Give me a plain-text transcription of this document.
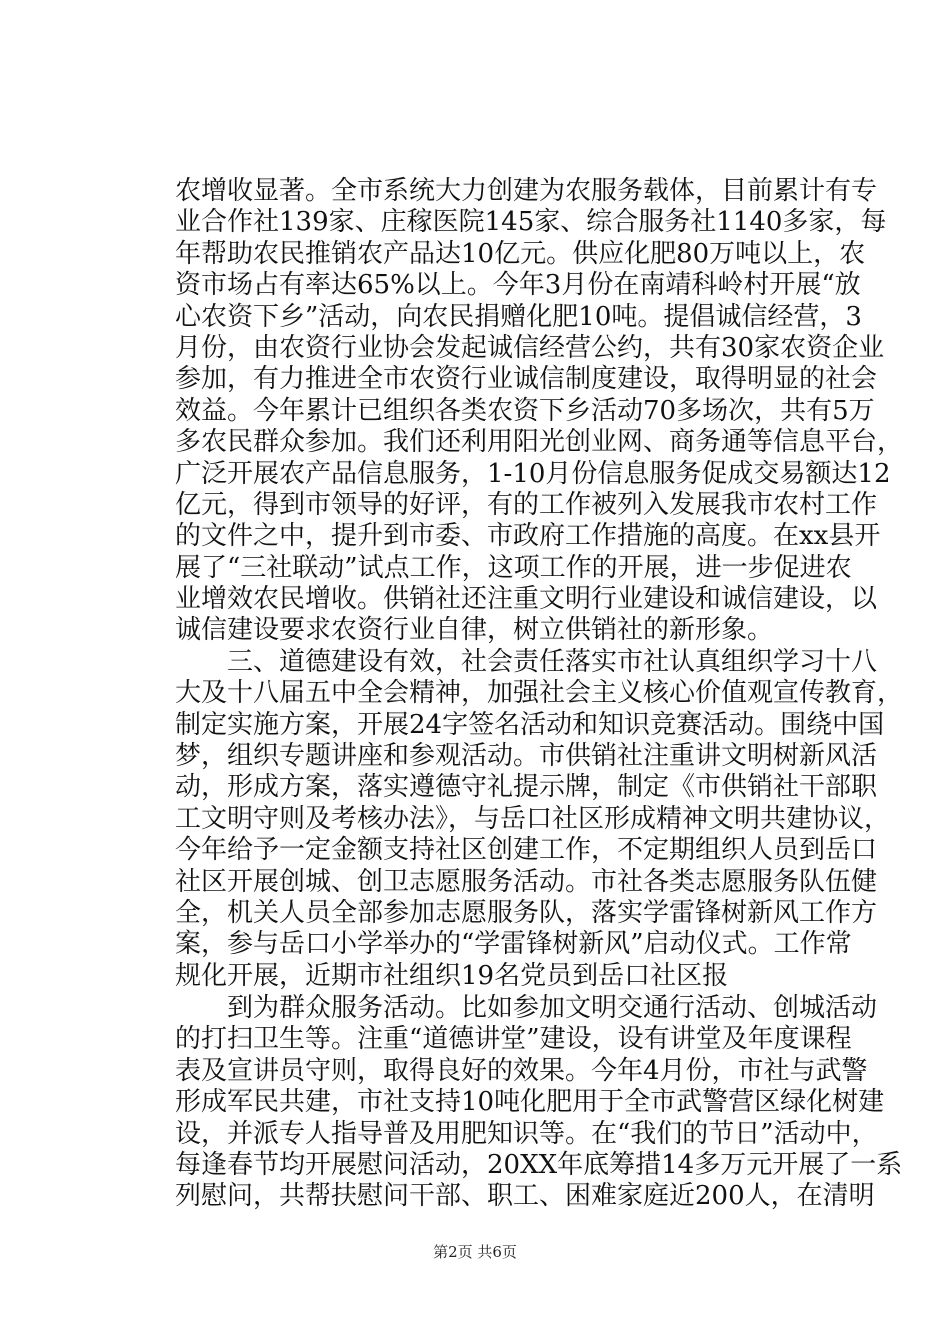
农增收显著。全市系统大力创建为农服务载体，目前累计有专
业合作社139家、庄稼医院145家、综合服务社1140多家，每
年帮助农民推销农产品达10亿元。供应化肥80万吨以上，农
资市场占有率达65%以上。今年3月份在南靖科岭村开展“放
心农资下乡”活动，向农民捐赠化肥10吨。提倡诚信经营，3
月份，由农资行业协会发起诚信经营公约，共有30家农资企业
参加，有力推进全市农资行业诚信制度建设，取得明显的社会
效益。今年累计已组织各类农资下乡活动70多场次，共有5万
多农民群众参加。我们还利用阳光创业网、商务通等信息平台，
广泛开展农产品信息服务，1-10月份信息服务促成交易额达12
亿元，得到市领导的好评，有的工作被列入发展我市农村工作
的文件之中，提升到市委、市政府工作措施的高度。在xx县开
展了“三社联动”试点工作，这项工作的开展，进一步促进农
业增效农民增收。供销社还注重文明行业建设和诚信建设，以
诚信建设要求农资行业自律，树立供销社的新形象。
　　三、道德建设有效，社会责任落实市社认真组织学习十八
大及十八届五中全会精神，加强社会主义核心价值观宣传教育，
制定实施方案，开展24字签名活动和知识竞赛活动。围绕中国
梦，组织专题讲座和参观活动。市供销社注重讲文明树新风活
动，形成方案，落实遵德守礼提示牌，制定《市供销社干部职
工文明守则及考核办法》，与岳口社区形成精神文明共建协议，
今年给予一定金额支持社区创建工作，不定期组织人员到岳口
社区开展创城、创卫志愿服务活动。市社各类志愿服务队伍健
全，机关人员全部参加志愿服务队，落实学雷锋树新风工作方
案，参与岳口小学举办的“学雷锋树新风”启动仪式。工作常
规化开展，近期市社组织19名党员到岳口社区报
　　到为群众服务活动。比如参加文明交通行活动、创城活动
的打扫卫生等。注重“道德讲堂”建设，设有讲堂及年度课程
表及宣讲员守则，取得良好的效果。今年4月份，市社与武警
形成军民共建，市社支持10吨化肥用于全市武警营区绿化树建
设，并派专人指导普及用肥知识等。在“我们的节日”活动中，
每逢春节均开展慰问活动，20XX年底筹措14多万元开展了一系
列慰问，共帮扶慰问干部、职工、困难家庭近200人，在清明
第2页 共6页
